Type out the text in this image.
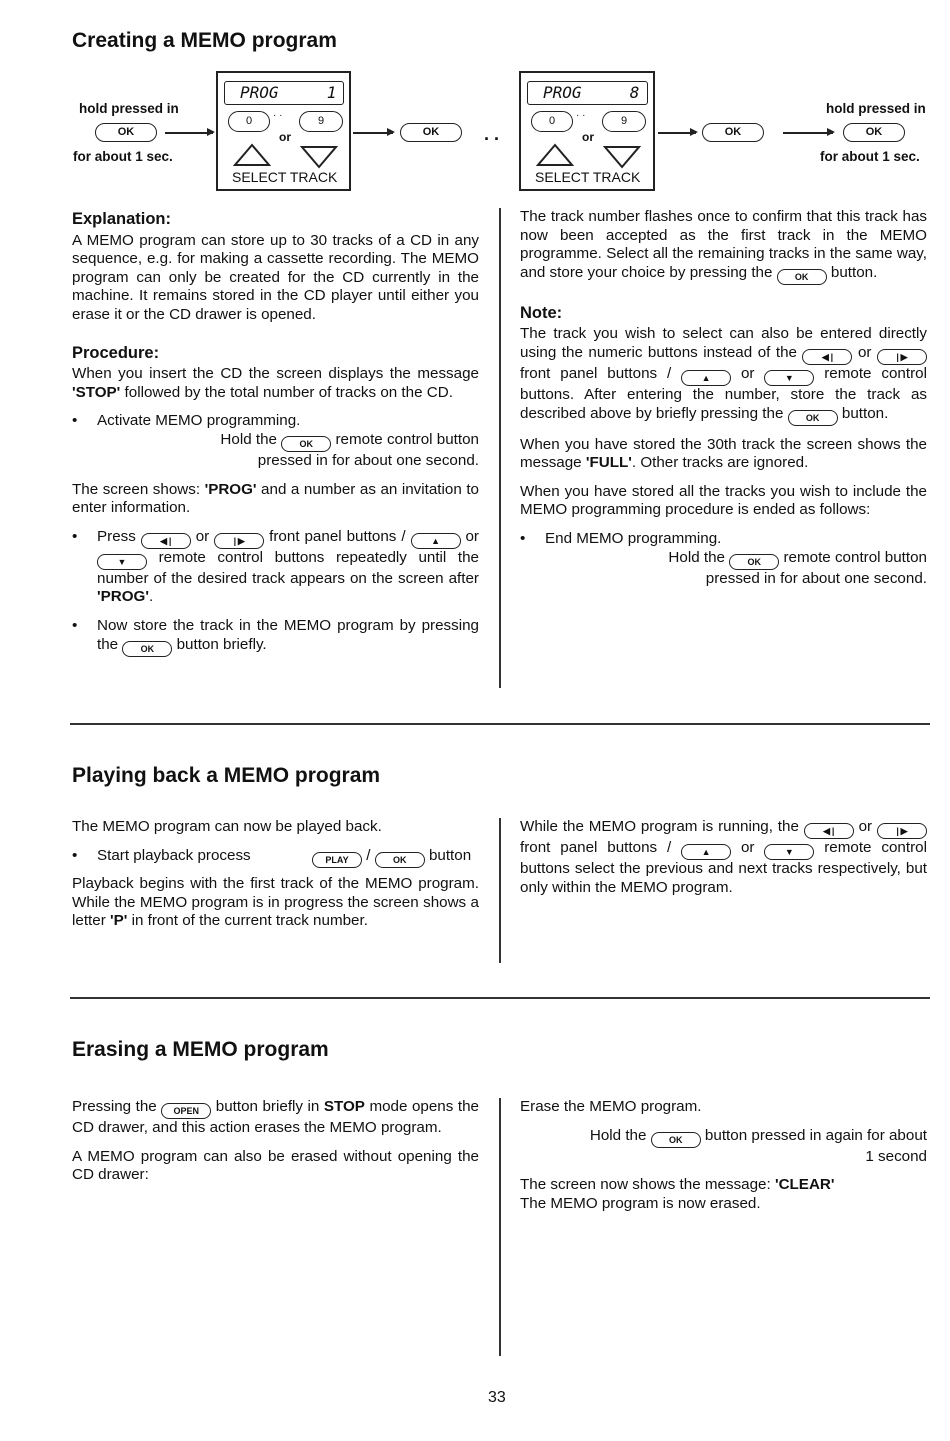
Creating a MEMO program
hold pressed in
OK
for about 1 sec.
PROG     1
0	9
· ·
or
SELECT TRACK
OK	. .
PROG     8
0	9
· ·
or
SELECT TRACK
OK
hold pressed in
OK
for about 1 sec.
Explanation:

A MEMO program can store up to 30 tracks of a CD in any sequence, e.g. for making a cassette recording. The MEMO program can only be created for the CD currently in the machine. It remains stored in the CD player until either you erase it or the CD drawer is opened.

Procedure:

When you insert the CD the screen displays the message 'STOP' followed by the total number of tracks on the CD.

• Activate MEMO programming.
Hold the OK remote control button
pressed in for about one second.

The screen shows: 'PROG' and a number as an invitation to enter information.

• Press	◀ | or	| ▶ front panel buttons /	▲ or ▼ remote control buttons repeatedly until the number of the desired track appears on the screen after 'PROG'.
• Now store the track in the MEMO program by pressing the OK button briefly.

The track number flashes once to confirm that this track has now been accepted as the first track in the MEMO programme. Select all the remaining tracks in the same way, and store your choice by pressing the OK button.

Note:

The track you wish to select can also be entered directly using the numeric buttons instead of the	◀ | or	| ▶ front panel buttons /	▲ or	▼ remote control buttons. After entering the number, store the track as described above by briefly pressing the OK button.

When you have stored the 30th track the screen shows the message 'FULL'. Other tracks are ignored.

When you have stored all the tracks you wish to include the MEMO programming procedure is ended as follows:

• End MEMO programming.
Hold the OK remote control button
pressed in for about one second.
Playing back a MEMO program

The MEMO program can now be played back.

• Start playback process	PLAY / OK button

Playback begins with the first track of the MEMO program. While the MEMO program is in progress the screen shows a letter 'P' in front of the current track number.

While the MEMO program is running, the	◀ | or	| ▶ front panel buttons /	▲ or	▼ remote control buttons select the previous and next tracks respectively, but only within the MEMO program.

Erasing a MEMO program

Pressing the OPEN button briefly in STOP mode opens the CD drawer, and this action erases the MEMO program.

A MEMO program can also be erased without opening the CD drawer:

Erase the MEMO program.

Hold the OK button pressed in again for about
1 second
The screen now shows the message: 'CLEAR'
The MEMO program is now erased.
33
